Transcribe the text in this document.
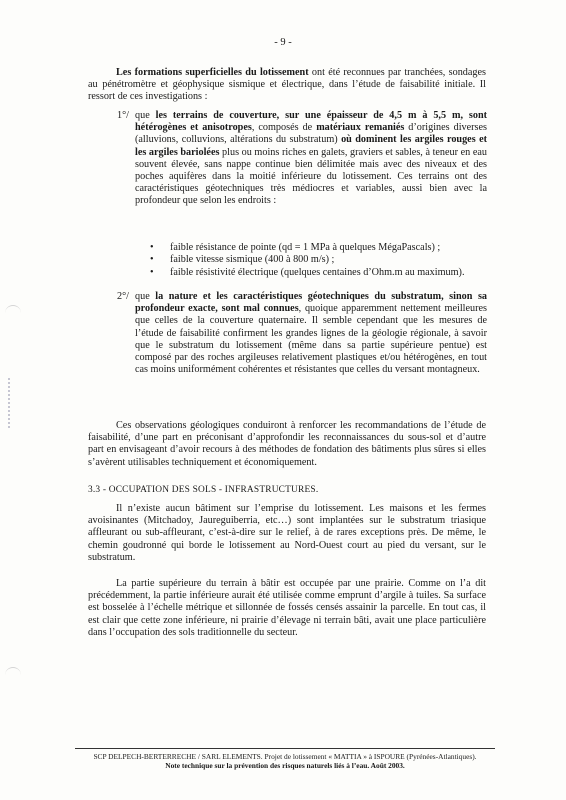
- 9 -

Les formations superficielles du lotissement ont été reconnues par tranchées, sondages au pénétromètre et géophysique sismique et électrique, dans l’étude de faisabilité initiale. Il ressort de ces investigations :

1°/ que les terrains de couverture, sur une épaisseur de 4,5 m à 5,5 m, sont hétérogènes et anisotropes, composés de matériaux remaniés d’origines diverses (alluvions, colluvions, altérations du substratum) où dominent les argiles rouges et les argiles bariolées plus ou moins riches en galets, graviers et sables, à teneur en eau souvent élevée, sans nappe continue bien délimitée mais avec des niveaux et des poches aquifères dans la moitié inférieure du lotissement. Ces terrains ont des caractéristiques géotechniques très médiocres et variables, aussi bien avec la profondeur que selon les endroits :

• faible résistance de pointe (qd = 1 MPa à quelques MégaPascals) ;
• faible vitesse sismique (400 à 800 m/s) ;
• faible résistivité électrique (quelques centaines d’Ohm.m au maximum).
2°/ que la nature et les caractéristiques géotechniques du substratum, sinon sa profondeur exacte, sont mal connues, quoique apparemment nettement meilleures que celles de la couverture quaternaire. Il semble cependant que les mesures de l’étude de faisabilité confirment les grandes lignes de la géologie régionale, à savoir que le substratum du lotissement (même dans sa partie supérieure pentue) est composé par des roches argileuses relativement plastiques et/ou hétérogènes, en tout cas moins uniformément cohérentes et résistantes que celles du versant montagneux.

Ces observations géologiques conduiront à renforcer les recommandations de l’étude de faisabilité, d’une part en préconisant d’approfondir les reconnaissances du sous-sol et d’autre part en envisageant d’avoir recours à des méthodes de fondation des bâtiments plus sûres si elles s’avèrent utilisables techniquement et économiquement.

3.3 - OCCUPATION DES SOLS - INFRASTRUCTURES.

Il n’existe aucun bâtiment sur l’emprise du lotissement. Les maisons et les fermes avoisinantes (Mitchadoy, Jaureguiberria, etc…) sont implantées sur le substratum triasique affleurant ou sub-affleurant, c’est-à-dire sur le relief, à de rares exceptions près. De même, le chemin goudronné qui borde le lotissement au Nord-Ouest court au pied du versant, sur le substratum.

La partie supérieure du terrain à bâtir est occupée par une prairie. Comme on l’a dit précédemment, la partie inférieure aurait été utilisée comme emprunt d’argile à tuiles. Sa surface est bosselée à l’échelle métrique et sillonnée de fossés censés assainir la parcelle. En tout cas, il est clair que cette zone inférieure, ni prairie d’élevage ni terrain bâti, avait une place particulière dans l’occupation des sols traditionnelle du secteur.

SCP DELPECH-BERTERRECHE / SARL ELEMENTS. Projet de lotissement « MATTIA » à ISPOURE (Pyrénées-Atlantiques).
Note technique sur la prévention des risques naturels liés à l’eau. Août 2003.
